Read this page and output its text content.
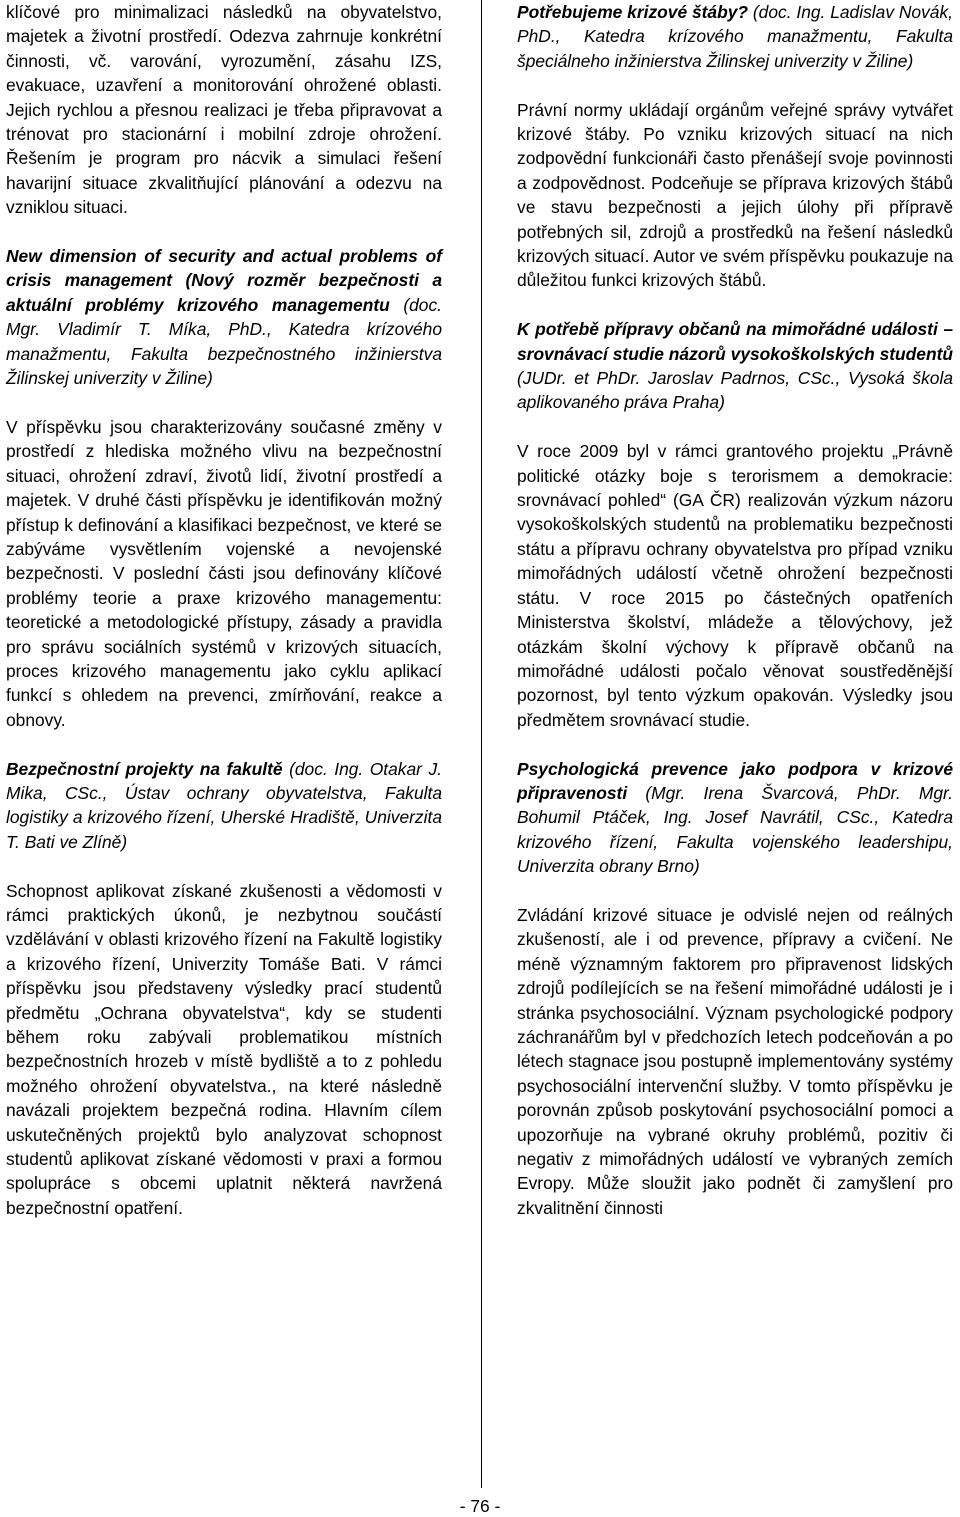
klíčové pro minimalizaci následků na obyvatelstvo, majetek a životní prostředí. Odezva zahrnuje konkrétní činnosti, vč. varování, vyrozumění, zásahu IZS, evakuace, uzavření a monitorování ohrožené oblasti. Jejich rychlou a přesnou realizaci je třeba připravovat a trénovat pro stacionární i mobilní zdroje ohrožení. Řešením je program pro nácvik a simulaci řešení havarijní situace zkvalitňující plánování a odezvu na vzniklou situaci.

New dimension of security and actual problems of crisis management (Nový rozměr bezpečnosti a aktuální problémy krizového managementu (doc. Mgr. Vladimír T. Míka, PhD., Katedra krízového manažmentu, Fakulta bezpečnostného inžinierstva Žilinskej univerzity v Žiline)

V příspěvku jsou charakterizovány současné změny v prostředí z hlediska možného vlivu na bezpečnostní situaci, ohrožení zdraví, životů lidí, životní prostředí a majetek. V druhé části příspěvku je identifikován možný přístup k definování a klasifikaci bezpečnost, ve které se zabýváme vysvětlením vojenské a nevojenské bezpečnosti. V poslední části jsou definovány klíčové problémy teorie a praxe krizového managementu: teoretické a metodologické přístupy, zásady a pravidla pro správu sociálních systémů v krizových situacích, proces krizového managementu jako cyklu aplikací funkcí s ohledem na prevenci, zmírňování, reakce a obnovy.

Bezpečnostní projekty na fakultě (doc. Ing. Otakar J. Mika, CSc., Ústav ochrany obyvatelstva, Fakulta logistiky a krizového řízení, Uherské Hradiště, Univerzita T. Bati ve Zlíně)

Schopnost aplikovat získané zkušenosti a vědomosti v rámci praktických úkonů, je nezbytnou součástí vzdělávání v oblasti krizového řízení na Fakultě logistiky a krizového řízení, Univerzity Tomáše Bati. V rámci příspěvku jsou představeny výsledky prací studentů předmětu „Ochrana obyvatelstva“, kdy se studenti během roku zabývali problematikou místních bezpečnostních hrozeb v místě bydliště a to z pohledu možného ohrožení obyvatelstva., na které následně navázali projektem bezpečná rodina. Hlavním cílem uskutečněných projektů bylo analyzovat schopnost studentů aplikovat získané vědomosti v praxi a formou spolupráce s obcemi uplatnit některá navržená bezpečnostní opatření.

Potřebujeme krizové štáby? (doc. Ing. Ladislav Novák, PhD., Katedra krízového manažmentu, Fakulta špeciálneho inžinierstva Žilinskej univerzity v Žiline)

Právní normy ukládají orgánům veřejné správy vytvářet krizové štáby. Po vzniku krizových situací na nich zodpovědní funkcionáři často přenášejí svoje povinnosti a zodpovědnost. Podceňuje se příprava krizových štábů ve stavu bezpečnosti a jejich úlohy při přípravě potřebných sil, zdrojů a prostředků na řešení následků krizových situací. Autor ve svém příspěvku poukazuje na důležitou funkci krizových štábů.

K potřebě přípravy občanů na mimořádné události – srovnávací studie názorů vysokoškolských studentů (JUDr. et PhDr. Jaroslav Padrnos, CSc., Vysoká škola aplikovaného práva Praha)

V roce 2009 byl v rámci grantového projektu „Právně politické otázky boje s terorismem a demokracie: srovnávací pohled“ (GA ČR) realizován výzkum názoru vysokoškolských studentů na problematiku bezpečnosti státu a přípravu ochrany obyvatelstva pro případ vzniku mimořádných událostí včetně ohrožení bezpečnosti státu. V roce 2015 po částečných opatřeních Ministerstva školství, mládeže a tělovýchovy, jež otázkám školní výchovy k přípravě občanů na mimořádné události počalo věnovat soustředěnější pozornost, byl tento výzkum opakován. Výsledky jsou předmětem srovnávací studie.

Psychologická prevence jako podpora v krizové připravenosti (Mgr. Irena Švarcová, PhDr. Mgr. Bohumil Ptáček, Ing. Josef Navrátil, CSc., Katedra krizového řízení, Fakulta vojenského leadershipu, Univerzita obrany Brno)

Zvládání krizové situace je odvislé nejen od reálných zkušeností, ale i od prevence, přípravy a cvičení. Ne méně významným faktorem pro připravenost lidských zdrojů podílejících se na řešení mimořádné události je i stránka psychosociální. Význam psychologické podpory záchranářům byl v předchozích letech podceňován a po létech stagnace jsou postupně implementovány systémy psychosociální intervenční služby. V tomto příspěvku je porovnán způsob poskytování psychosociální pomoci a upozorňuje na vybrané okruhy problémů, pozitiv či negativ z mimořádných událostí ve vybraných zemích Evropy. Může sloužit jako podnět či zamyšlení pro zkvalitnění činnosti

- 76 -
